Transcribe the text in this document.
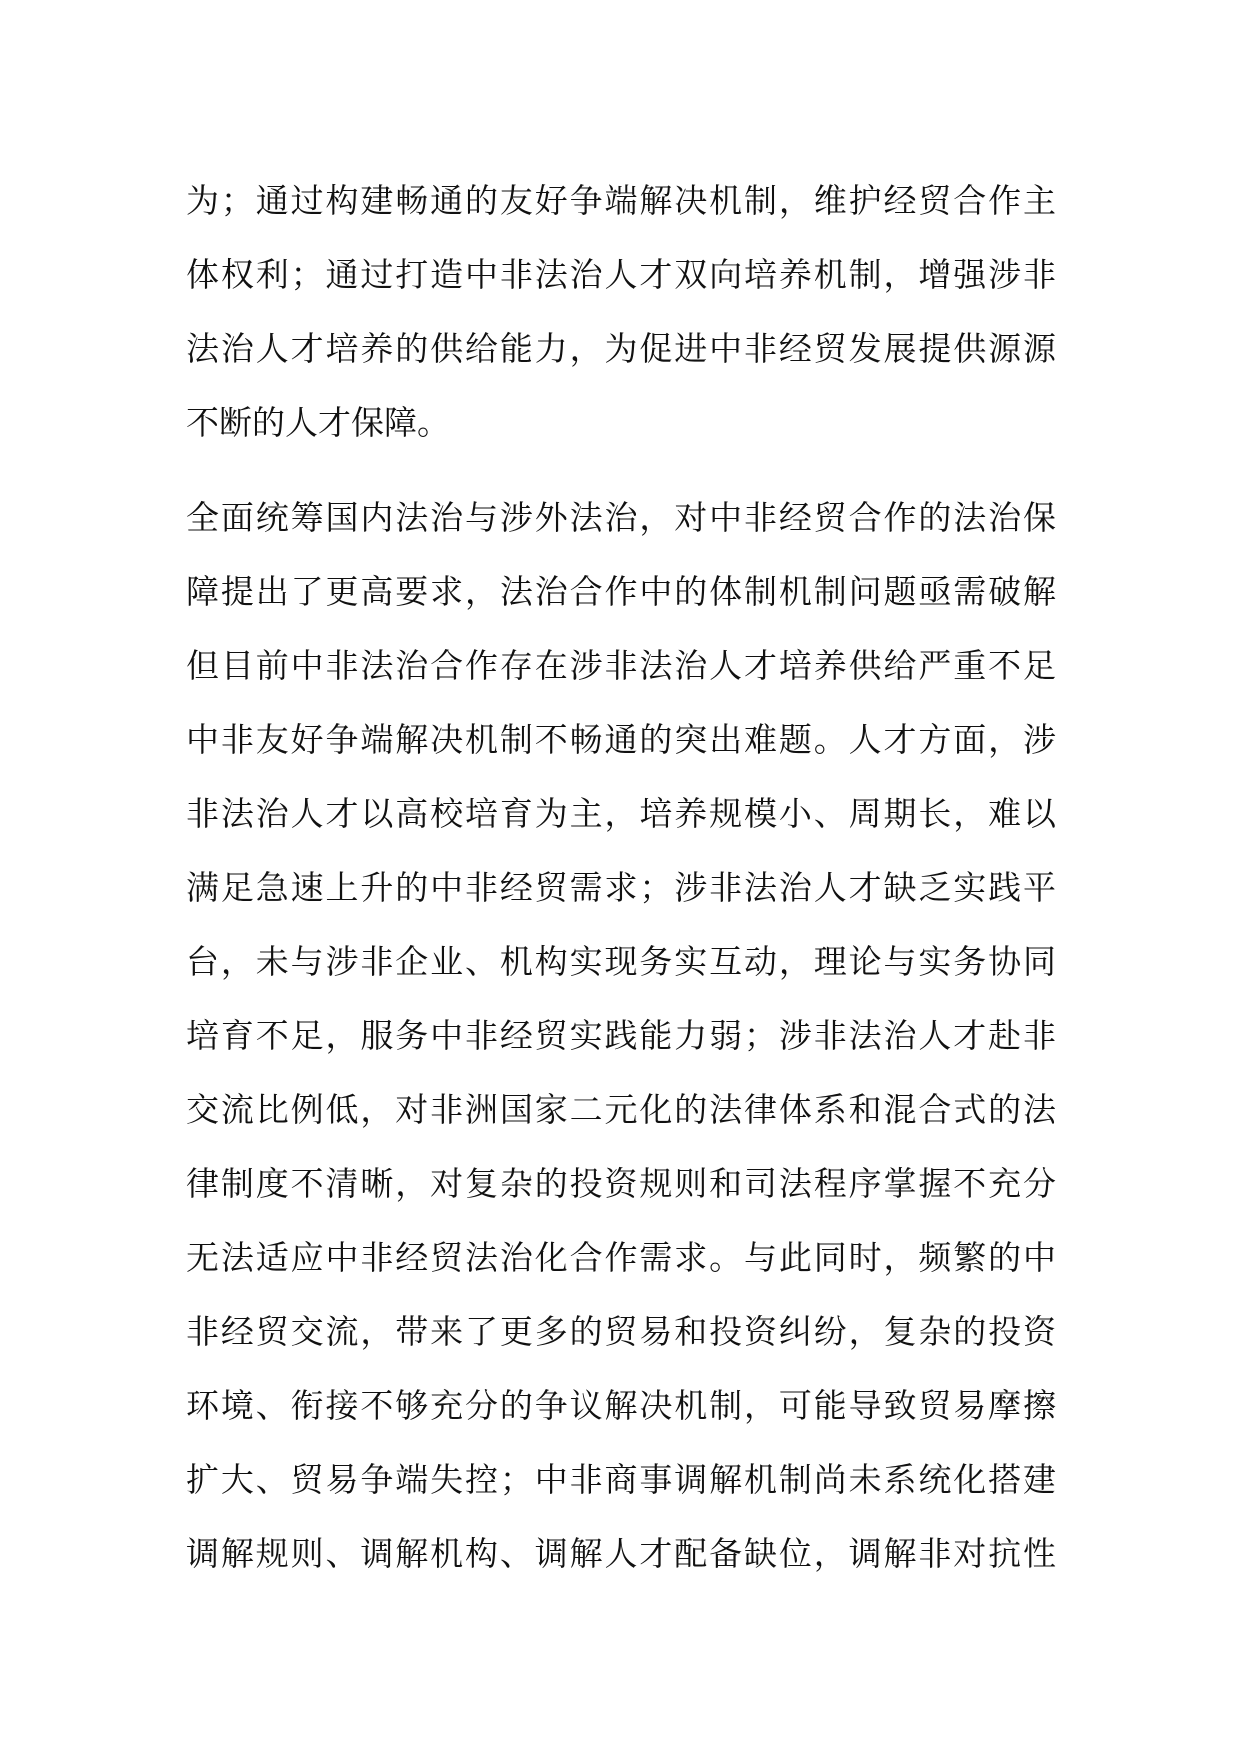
为；通过构建畅通的友好争端解决机制，维护经贸合作主
体权利；通过打造中非法治人才双向培养机制，增强涉非
法治人才培养的供给能力，为促进中非经贸发展提供源源
不断的人才保障。
全面统筹国内法治与涉外法治，对中非经贸合作的法治保
障提出了更高要求，法治合作中的体制机制问题亟需破解
但目前中非法治合作存在涉非法治人才培养供给严重不足
中非友好争端解决机制不畅通的突出难题。人才方面，涉
非法治人才以高校培育为主，培养规模小、周期长，难以
满足急速上升的中非经贸需求；涉非法治人才缺乏实践平
台，未与涉非企业、机构实现务实互动，理论与实务协同
培育不足，服务中非经贸实践能力弱；涉非法治人才赴非
交流比例低，对非洲国家二元化的法律体系和混合式的法
律制度不清晰，对复杂的投资规则和司法程序掌握不充分
无法适应中非经贸法治化合作需求。与此同时，频繁的中
非经贸交流，带来了更多的贸易和投资纠纷，复杂的投资
环境、衔接不够充分的争议解决机制，可能导致贸易摩擦
扩大、贸易争端失控；中非商事调解机制尚未系统化搭建
调解规则、调解机构、调解人才配备缺位，调解非对抗性
